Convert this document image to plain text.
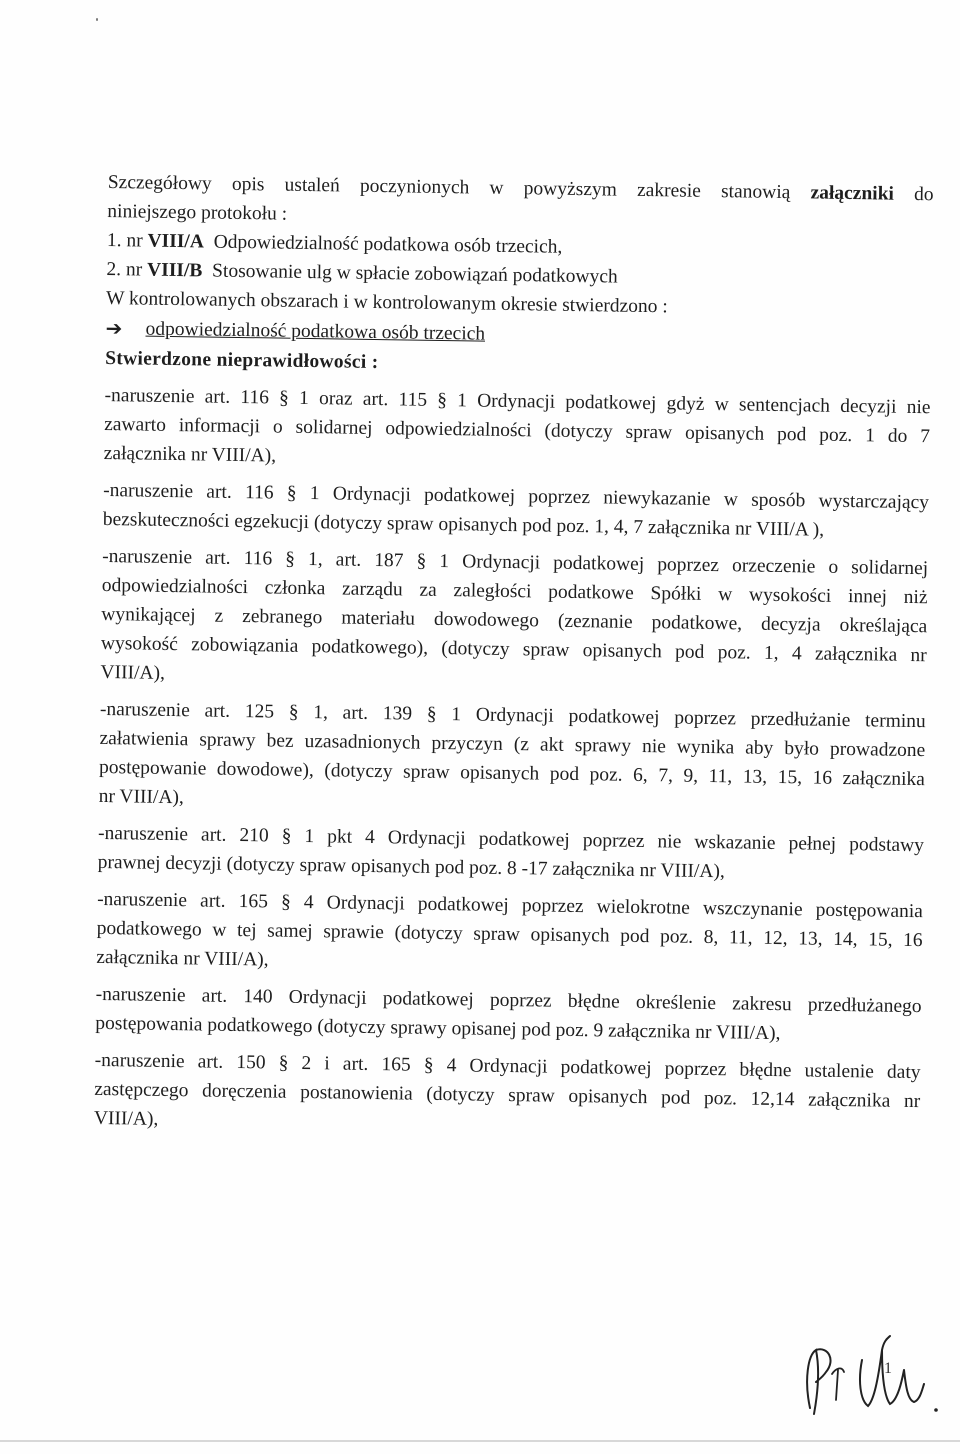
Szczegółowy opis ustaleń poczynionych w powyższym zakresie stanowią załączniki do
niniejszego protokołu :
1. nr VIII/A Odpowiedzialność podatkowa osób trzecich,
2. nr VIII/B Stosowanie ulg w spłacie zobowiązań podatkowych
W kontrolowanych obszarach i w kontrolowanym okresie stwierdzono :
➔	odpowiedzialność podatkowa osób trzecich
Stwierdzone nieprawidłowości :
-naruszenie art. 116 § 1 oraz art. 115 § 1 Ordynacji podatkowej gdyż w sentencjach decyzji nie
zawarto informacji o solidarnej odpowiedzialności (dotyczy spraw opisanych pod poz. 1 do 7
załącznika nr VIII/A),
-naruszenie art. 116 § 1 Ordynacji podatkowej poprzez niewykazanie w sposób wystarczający
bezskuteczności egzekucji (dotyczy spraw opisanych pod poz. 1, 4, 7 załącznika nr VIII/A ),
-naruszenie art. 116 § 1, art. 187 § 1 Ordynacji podatkowej poprzez orzeczenie o solidarnej
odpowiedzialności członka zarządu za zaległości podatkowe Spółki w wysokości innej niż
wynikającej z zebranego materiału dowodowego (zeznanie podatkowe, decyzja określająca
wysokość zobowiązania podatkowego), (dotyczy spraw opisanych pod poz. 1, 4 załącznika nr
VIII/A),
-naruszenie art. 125 § 1, art. 139 § 1 Ordynacji podatkowej poprzez przedłużanie terminu
załatwienia sprawy bez uzasadnionych przyczyn (z akt sprawy nie wynika aby było prowadzone
postępowanie dowodowe), (dotyczy spraw opisanych pod poz. 6, 7, 9, 11, 13, 15, 16 załącznika
nr VIII/A),
-naruszenie art. 210 § 1 pkt 4 Ordynacji podatkowej poprzez nie wskazanie pełnej podstawy
prawnej decyzji (dotyczy spraw opisanych pod poz. 8 -17 załącznika nr VIII/A),
-naruszenie art. 165 § 4 Ordynacji podatkowej poprzez wielokrotne wszczynanie postępowania
podatkowego w tej samej sprawie (dotyczy spraw opisanych pod poz. 8, 11, 12, 13, 14, 15, 16
załącznika nr VIII/A),
-naruszenie art. 140 Ordynacji podatkowej poprzez błędne określenie zakresu przedłużanego
postępowania podatkowego (dotyczy sprawy opisanej pod poz. 9 załącznika nr VIII/A),
-naruszenie art. 150 § 2 i art. 165 § 4 Ordynacji podatkowej poprzez błędne ustalenie daty
zastępczego doręczenia postanowienia (dotyczy spraw opisanych pod poz. 12,14 załącznika nr
VIII/A),
1
